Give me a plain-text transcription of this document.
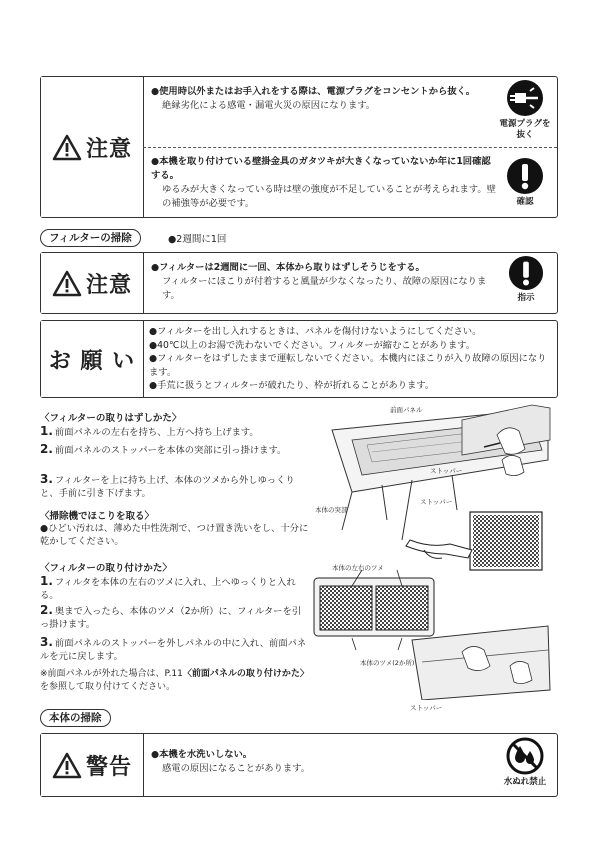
注意
●使用時以外またはお手入れをする際は、電源プラグをコンセントから抜く。
絶縁劣化による感電・漏電火災の原因になります。
電源プラグを抜く
●本機を取り付けている壁掛金具のガタツキが大きくなっていないか年に1回確認する。
ゆるみが大きくなっている時は壁の強度が不足していることが考えられます。壁の補強等が必要です。	確認
フィルターの掃除	●2週間に1回
注意
●フィルターは2週間に一回、本体から取りはずしそうじをする。
フィルターにほこりが付着すると風量が少なくなったり、故障の原因になります。	指示
お 願 い
●フィルターを出し入れするときは、パネルを傷付けないようにしてください。
●40℃以上のお湯で洗わないでください。フィルターが縮むことがあります。
●フィルターをはずしたままで運転しないでください。本機内にほこりが入り故障の原因になります。
●手荒に扱うとフィルターが破れたり、枠が折れることがあります。
〈フィルターの取りはずしかた〉
1. 前面パネルの左右を持ち、上方へ持ち上げます。
2. 前面パネルのストッパーを本体の突部に引っ掛けます。
3. フィルターを上に持ち上げ、本体のツメから外しゆっくりと、手前に引き下げます。
〈掃除機でほこりを取る〉
●ひどい汚れは、薄めた中性洗剤で、つけ置き洗いをし、十分に乾かしてください。
〈フィルターの取り付けかた〉
1. フィルタを本体の左右のツメに入れ、上へゆっくりと入れる。
2. 奥まで入ったら、本体のツメ（2か所）に、フィルターを引っ掛けます。
3. 前面パネルのストッパーを外しパネルの中に入れ、前面パネルを元に戻します。
※前面パネルが外れた場合は、P.11〈前面パネルの取り付けかた〉を参照して取り付けてください。
前面パネル
ストッパー
本体の突部
ストッパー
本体の左右のツメ
本体のツメ(2か所)
ストッパー
本体の掃除
警告 ●本機を水洗いしない。
感電の原因になることがあります。
水ぬれ禁止
